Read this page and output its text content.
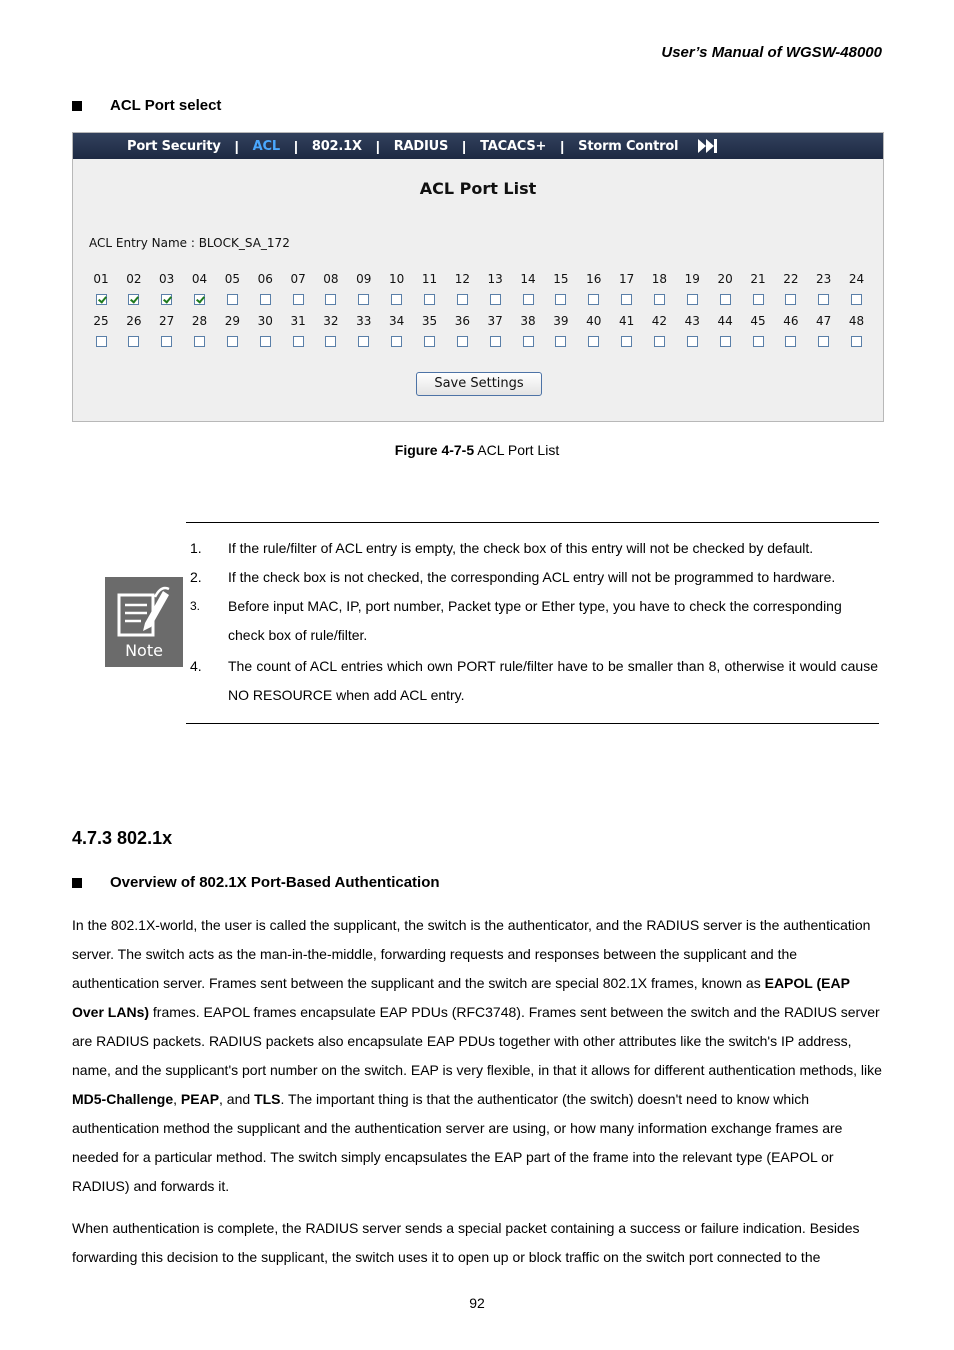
User’s Manual of WGSW-48000
ACL Port select
Port Security | ACL | 802.1X | RADIUS | TACACS+ | Storm Control
ACL Port List
ACL Entry Name : BLOCK_SA_172
01	02	03	04	05	06	07	08	09	10	11	12	13	14	15	16	17	18	19	20	21	22	23	24
25	26	27	28	29	30	31	32	33	34	35	36	37	38	39	40	41	42	43	44	45	46	47	48
Save Settings
Figure 4-7-5 ACL Port List
Note
1. If the rule/filter of ACL entry is empty, the check box of this entry will not be checked by default.
2. If the check box is not checked, the corresponding ACL entry will not be programmed to hardware.
3. Before input MAC, IP, port number, Packet type or Ether type, you have to check the corresponding check box of rule/filter.
4. The count of ACL entries which own PORT rule/filter have to be smaller than 8, otherwise it would cause NO RESOURCE when add ACL entry.
4.7.3 802.1x
Overview of 802.1X Port-Based Authentication
In the 802.1X-world, the user is called the supplicant, the switch is the authenticator, and the RADIUS server is the authentication server. The switch acts as the man-in-the-middle, forwarding requests and responses between the supplicant and the authentication server. Frames sent between the supplicant and the switch are special 802.1X frames, known as EAPOL (EAP Over LANs) frames. EAPOL frames encapsulate EAP PDUs (RFC3748). Frames sent between the switch and the RADIUS server are RADIUS packets. RADIUS packets also encapsulate EAP PDUs together with other attributes like the switch's IP address, name, and the supplicant's port number on the switch. EAP is very flexible, in that it allows for different authentication methods, like MD5-Challenge, PEAP, and TLS. The important thing is that the authenticator (the switch) doesn't need to know which authentication method the supplicant and the authentication server are using, or how many information exchange frames are needed for a particular method. The switch simply encapsulates the EAP part of the frame into the relevant type (EAPOL or RADIUS) and forwards it.
When authentication is complete, the RADIUS server sends a special packet containing a success or failure indication. Besides forwarding this decision to the supplicant, the switch uses it to open up or block traffic on the switch port connected to the
92
